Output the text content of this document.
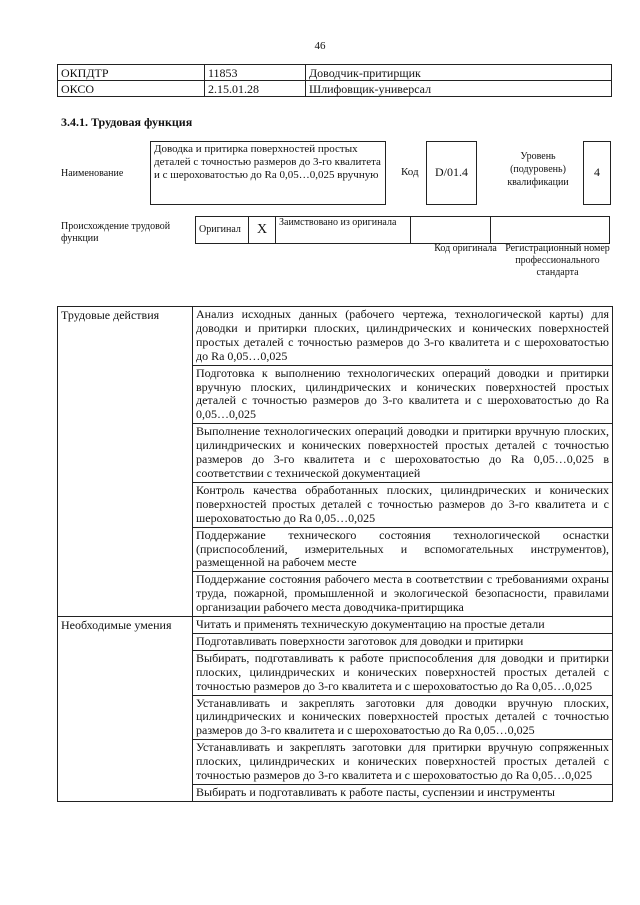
46
ОКПДТР	11853	Доводчик-притирщик
ОКСО	2.15.01.28	Шлифовщик-универсал
3.4.1. Трудовая функция
Наименование
Доводка и притирка поверхностей простых деталей с точностью размеров до 3-го квалитета и с шероховатостью до Ra 0,05…0,025 вручную	Код	D/01.4
Уровень (подуровень) квалификации
4
Происхождение трудовой функции
Оригинал	X	Заимствовано из оригинала		
Код оригинала Регистрационный номер профессионального стандарта
Трудовые действия	Анализ исходных данных (рабочего чертежа, технологической карты) для доводки и притирки плоских, цилиндрических и конических поверхностей простых деталей с точностью размеров до 3-го квалитета и с шероховатостью до Ra 0,05…0,025
	Подготовка к выполнению технологических операций доводки и притирки вручную плоских, цилиндрических и конических поверхностей простых деталей с точностью размеров до 3-го квалитета и с шероховатостью до Ra 0,05…0,025
	Выполнение технологических операций доводки и притирки вручную плоских, цилиндрических и конических поверхностей простых деталей с точностью размеров до 3-го квалитета и с шероховатостью до Ra 0,05…0,025 в соответствии с технической документацией
	Контроль качества обработанных плоских, цилиндрических и конических поверхностей простых деталей с точностью размеров до 3-го квалитета и с шероховатостью до Ra 0,05…0,025
	Поддержание технического состояния технологической оснастки (приспособлений, измерительных и вспомогательных инструментов), размещенной на рабочем месте
	Поддержание состояния рабочего места в соответствии с требованиями охраны труда, пожарной, промышленной и экологической безопасности, правилами организации рабочего места доводчика-притирщика
Необходимые умения	Читать и применять техническую документацию на простые детали
	Подготавливать поверхности заготовок для доводки и притирки
	Выбирать, подготавливать к работе приспособления для доводки и притирки плоских, цилиндрических и конических поверхностей простых деталей с точностью размеров до 3-го квалитета и с шероховатостью до Ra 0,05…0,025
	Устанавливать и закреплять заготовки для доводки вручную плоских, цилиндрических и конических поверхностей простых деталей с точностью размеров до 3-го квалитета и с шероховатостью до Ra 0,05…0,025
	Устанавливать и закреплять заготовки для притирки вручную сопряженных плоских, цилиндрических и конических поверхностей простых деталей с точностью размеров до 3-го квалитета и с шероховатостью до Ra 0,05…0,025
	Выбирать и подготавливать к работе пасты, суспензии и инструменты
